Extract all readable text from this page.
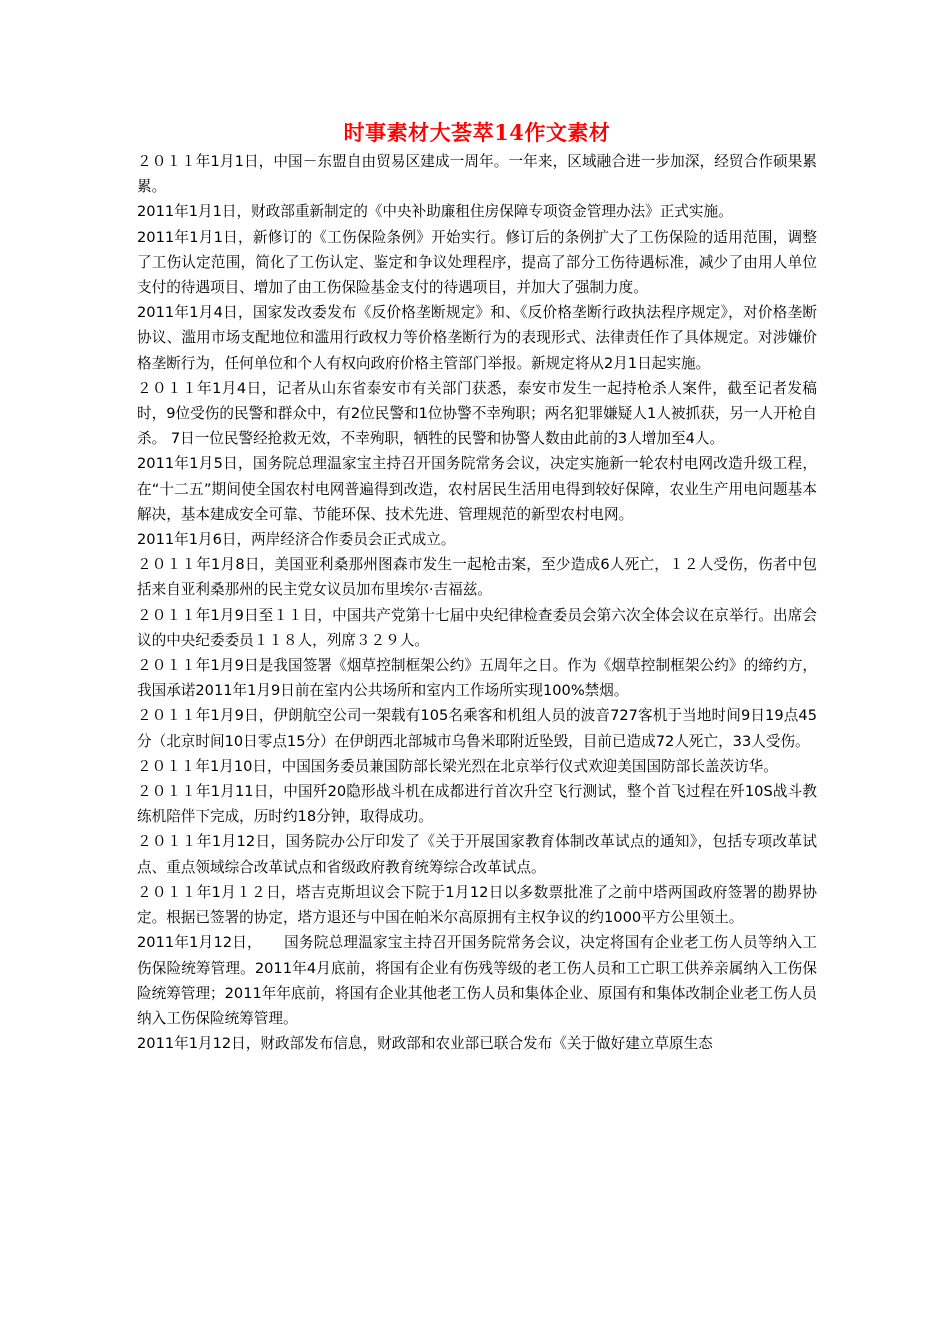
时事素材大荟萃14作文素材

２０１１年1月1日，中国－东盟自由贸易区建成一周年。一年来，区域融合进一步加深，经贸合作硕果累累。

2011年1月1日，财政部重新制定的《中央补助廉租住房保障专项资金管理办法》正式实施。

2011年1月1日，新修订的《工伤保险条例》开始实行。修订后的条例扩大了工伤保险的适用范围，调整了工伤认定范围，简化了工伤认定、鉴定和争议处理程序，提高了部分工伤待遇标准，减少了由用人单位支付的待遇项目、增加了由工伤保险基金支付的待遇项目，并加大了强制力度。

2011年1月4日，国家发改委发布《反价格垄断规定》和、《反价格垄断行政执法程序规定》，对价格垄断协议、滥用市场支配地位和滥用行政权力等价格垄断行为的表现形式、法律责任作了具体规定。对涉嫌价格垄断行为，任何单位和个人有权向政府价格主管部门举报。新规定将从2月1日起实施。

２０１１年1月4日，记者从山东省泰安市有关部门获悉，泰安市发生一起持枪杀人案件，截至记者发稿时，9位受伤的民警和群众中，有2位民警和1位协警不幸殉职；两名犯罪嫌疑人1人被抓获，另一人开枪自杀。 7日一位民警经抢救无效，不幸殉职，牺牲的民警和协警人数由此前的3人增加至4人。

2011年1月5日，国务院总理温家宝主持召开国务院常务会议，决定实施新一轮农村电网改造升级工程，在“十二五”期间使全国农村电网普遍得到改造，农村居民生活用电得到较好保障，农业生产用电问题基本解决，基本建成安全可靠、节能环保、技术先进、管理规范的新型农村电网。

2011年1月6日，两岸经济合作委员会正式成立。

２０１１年1月8日，美国亚利桑那州图森市发生一起枪击案，至少造成6人死亡，１２人受伤，伤者中包括来自亚利桑那州的民主党女议员加布里埃尔·吉福兹。

２０１１年1月9日至１１日，中国共产党第十七届中央纪律检查委员会第六次全体会议在京举行。出席会议的中央纪委委员１１８人，列席３２９人。

２０１１年1月9日是我国签署《烟草控制框架公约》五周年之日。作为《烟草控制框架公约》的缔约方，我国承诺2011年1月9日前在室内公共场所和室内工作场所实现100%禁烟。

２０１１年1月9日，伊朗航空公司一架载有105名乘客和机组人员的波音727客机于当地时间9日19点45分（北京时间10日零点15分）在伊朗西北部城市乌鲁米耶附近坠毁，目前已造成72人死亡，33人受伤。

２０１１年1月10日，中国国务委员兼国防部长梁光烈在北京举行仪式欢迎美国国防部长盖茨访华。

２０１１年1月11日，中国歼20隐形战斗机在成都进行首次升空飞行测试，整个首飞过程在歼10S战斗教练机陪伴下完成，历时约18分钟，取得成功。

２０１１年1月12日，国务院办公厅印发了《关于开展国家教育体制改革试点的通知》，包括专项改革试点、重点领域综合改革试点和省级政府教育统筹综合改革试点。

２０１１年1月１２日，塔吉克斯坦议会下院于1月12日以多数票批准了之前中塔两国政府签署的勘界协定。根据已签署的协定，塔方退还与中国在帕米尔高原拥有主权争议的约1000平方公里领土。

2011年1月12日，　　国务院总理温家宝主持召开国务院常务会议，决定将国有企业老工伤人员等纳入工伤保险统筹管理。2011年4月底前，将国有企业有伤残等级的老工伤人员和工亡职工供养亲属纳入工伤保险统筹管理；2011年年底前，将国有企业其他老工伤人员和集体企业、原国有和集体改制企业老工伤人员纳入工伤保险统筹管理。

2011年1月12日，财政部发布信息，财政部和农业部已联合发布《关于做好建立草原生态
